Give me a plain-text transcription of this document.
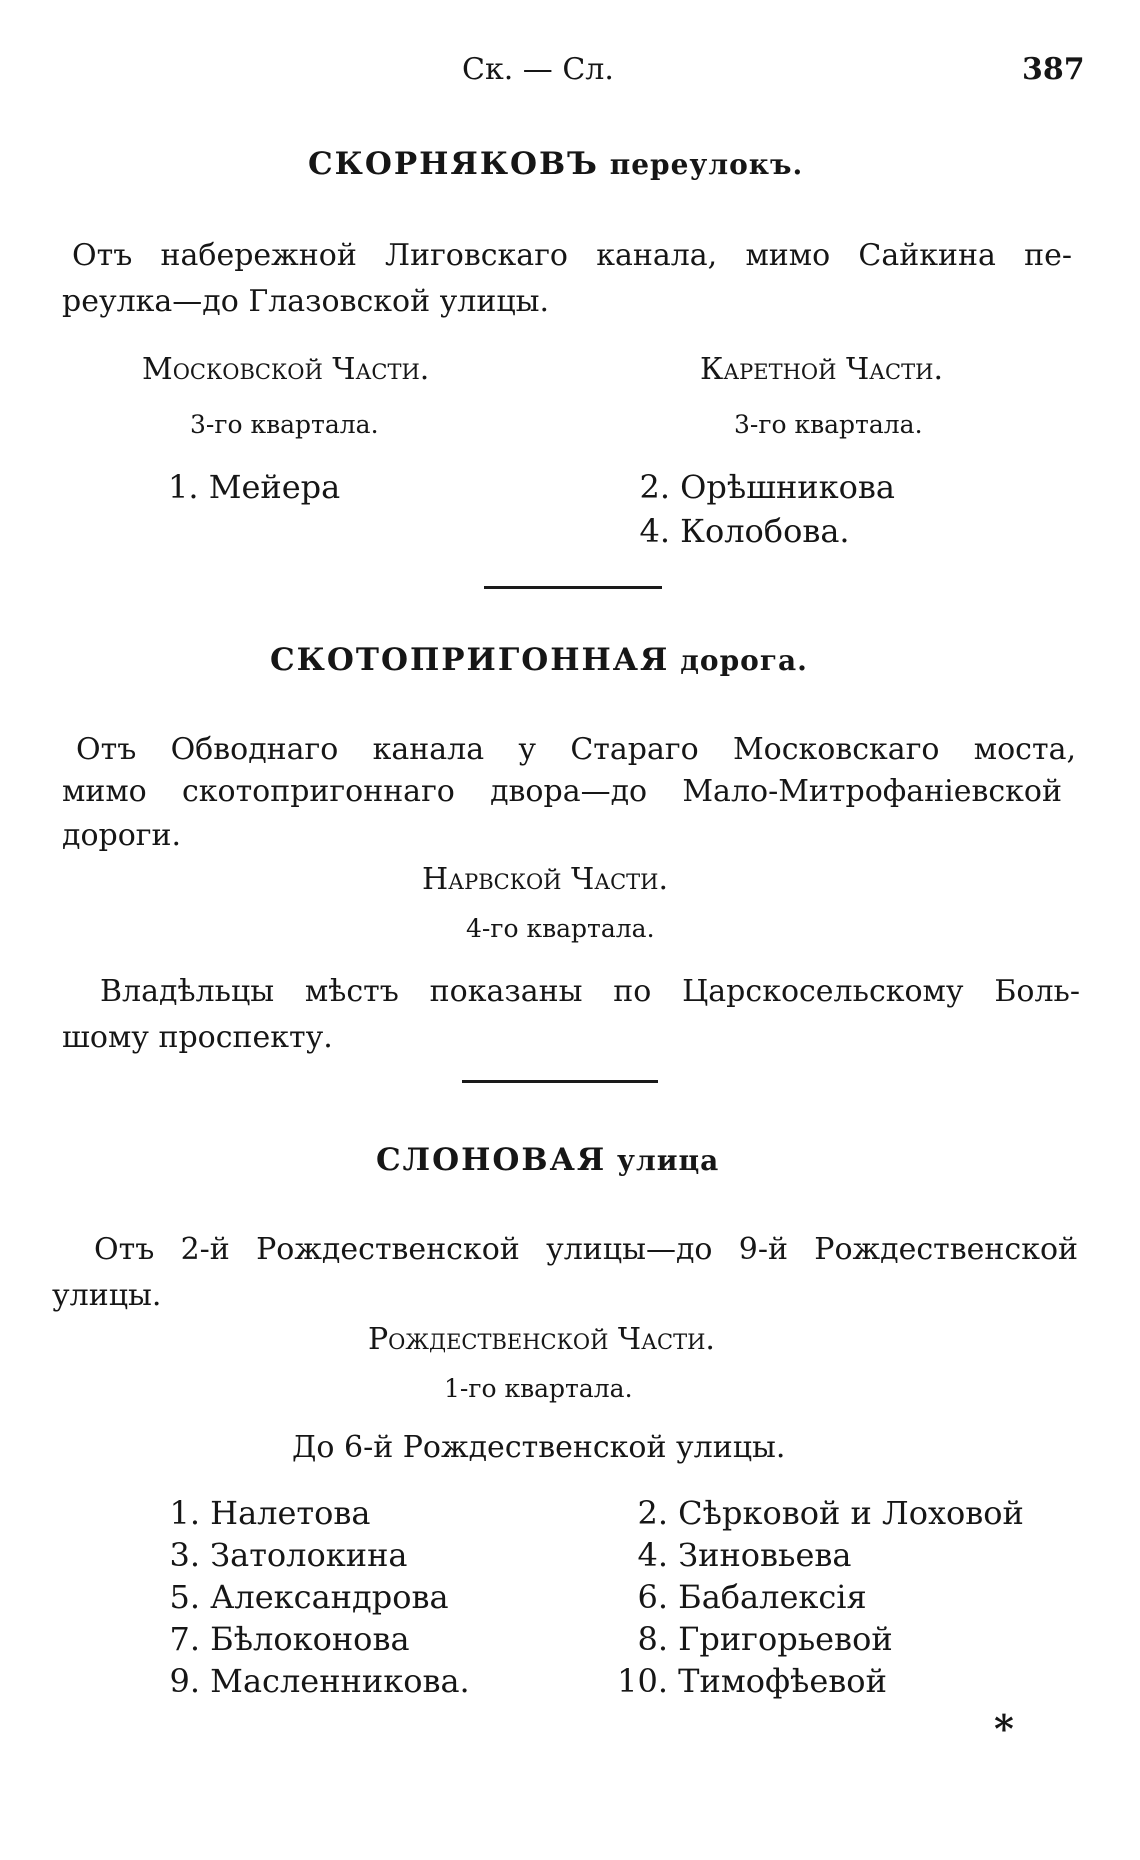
Ск. — Сл.	387
СКОРНЯКОВЪ переулокъ.
Отъ набережной Лиговскаго канала, мимо Сайкина пе-
реулка—до Глазовской улицы.
Московской Части.	Каретной Части.
3-го квартала.	3-го квартала.
1. Мейера	2. Орѣшникова
4. Колобова.
СКОТОПРИГОННАЯ дорога.
Отъ Обводнаго канала у Стараго Московскаго моста,
мимо скотопригоннаго двора—до Мало-Митрофаніевской
дороги.
Нарвской Части.
4-го квартала.
Владѣльцы мѣстъ показаны по Царскосельскому Боль-
шому проспекту.
СЛОНОВАЯ улица
Отъ 2-й Рождественской улицы—до 9-й Рождественской
улицы.
Рождественской Части.
1-го квартала.
До 6-й Рождественской улицы.
1. Налетова	2. Сѣрковой и Лоховой
3. Затолокина	4. Зиновьева
5. Александрова	6. Бабалексія
7. Бѣлоконова	8. Григорьевой
9. Масленникова.	10. Тимофѣевой
*
